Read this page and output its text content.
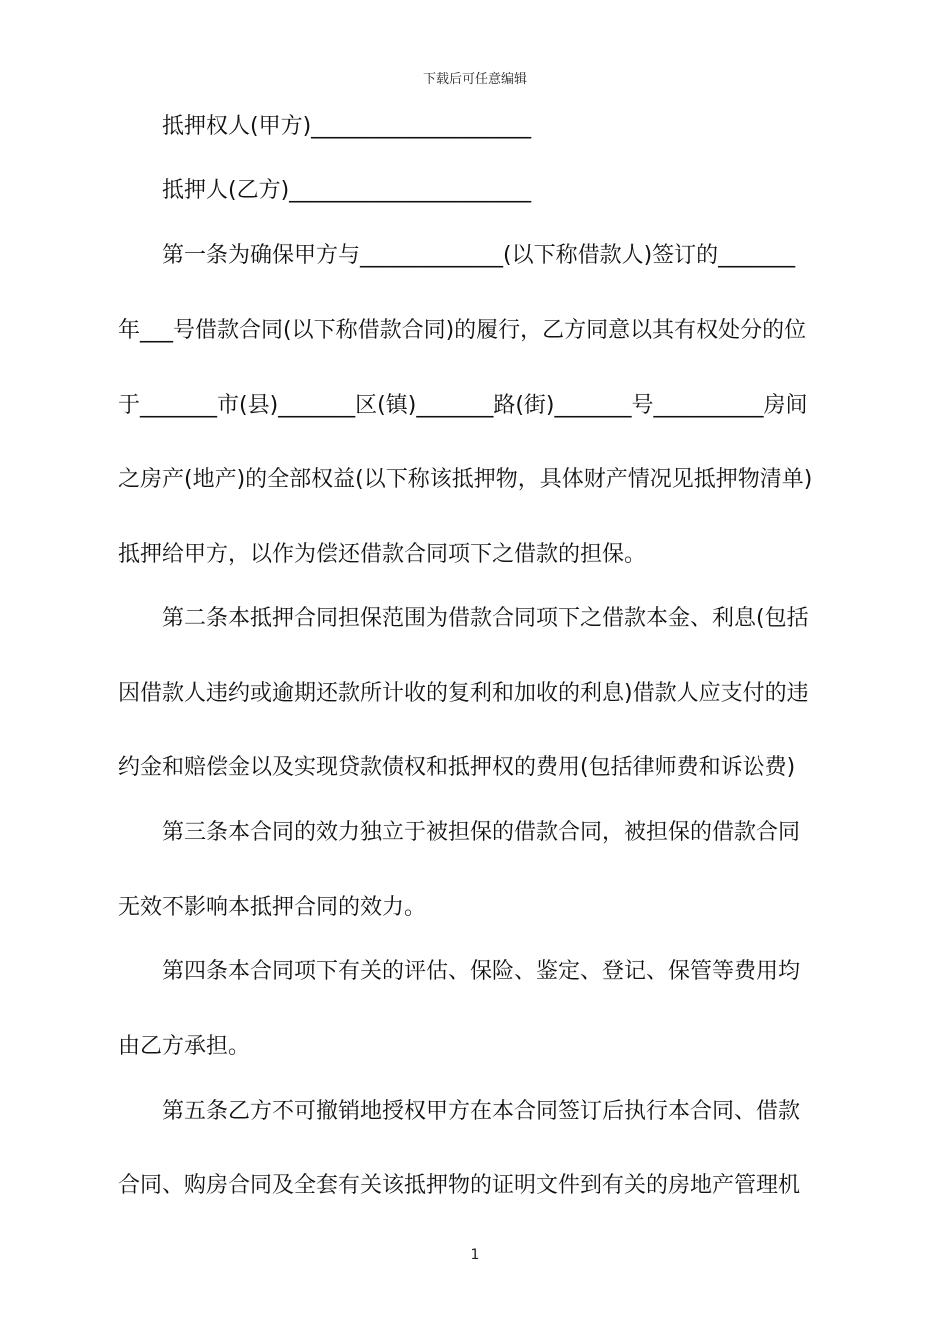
下载后可任意编辑
抵押权人(甲方)____________________
抵押人(乙方)______________________
第一条为确保甲方与_____________(以下称借款人)签订的_______
年___号借款合同(以下称借款合同)的履行，乙方同意以其有权处分的位
于_______市(县)_______区(镇)_______路(街)_______号__________房间
之房产(地产)的全部权益(以下称该抵押物，具体财产情况见抵押物清单)
抵押给甲方，以作为偿还借款合同项下之借款的担保。
第二条本抵押合同担保范围为借款合同项下之借款本金、利息(包括
因借款人违约或逾期还款所计收的复利和加收的利息)借款人应支付的违
约金和赔偿金以及实现贷款债权和抵押权的费用(包括律师费和诉讼费)
第三条本合同的效力独立于被担保的借款合同，被担保的借款合同
无效不影响本抵押合同的效力。
第四条本合同项下有关的评估、保险、鉴定、登记、保管等费用均
由乙方承担。
第五条乙方不可撤销地授权甲方在本合同签订后执行本合同、借款
合同、购房合同及全套有关该抵押物的证明文件到有关的房地产管理机
1
